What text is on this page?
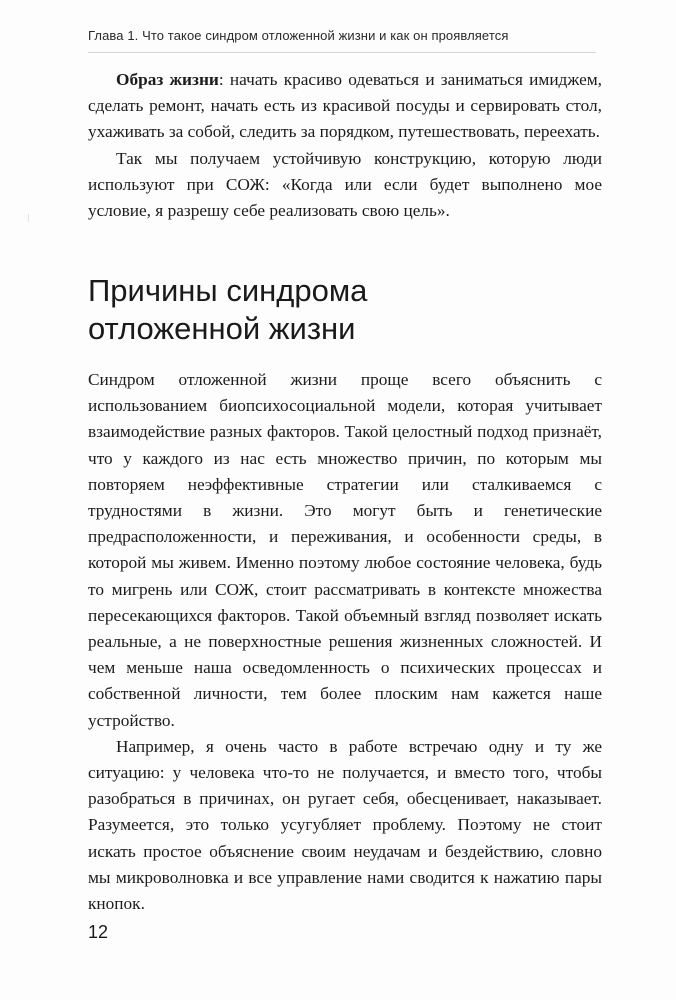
Глава 1. Что такое синдром отложенной жизни и как он проявляется

Образ жизни: начать красиво одеваться и заниматься имиджем, сделать ремонт, начать есть из красивой посуды и сервировать стол, ухаживать за собой, следить за порядком, путешествовать, переехать.

Так мы получаем устойчивую конструкцию, которую люди используют при СОЖ: «Когда или если будет выполнено мое условие, я разрешу себе реализовать свою цель».

Причины синдрома
отложенной жизни

Синдром отложенной жизни проще всего объяснить с использованием биопсихосоциальной модели, которая учитывает взаимодействие разных факторов. Такой целостный подход признаёт, что у каждого из нас есть множество причин, по которым мы повторяем неэффективные стратегии или сталкиваемся с трудностями в жизни. Это могут быть и генетические предрасположенности, и переживания, и особенности среды, в которой мы живем. Именно поэтому любое состояние человека, будь то мигрень или СОЖ, стоит рассматривать в контексте множества пересекающихся факторов. Такой объемный взгляд позволяет искать реальные, а не поверхностные решения жизненных сложностей. И чем меньше наша осведомленность о психических процессах и собственной личности, тем более плоским нам кажется наше устройство.

Например, я очень часто в работе встречаю одну и ту же ситуацию: у человека что-то не получается, и вместо того, чтобы разобраться в причинах, он ругает себя, обесценивает, наказывает. Разумеется, это только усугубляет проблему. Поэтому не стоит искать простое объяснение своим неудачам и бездействию, словно мы микроволновка и все управление нами сводится к нажатию пары кнопок.

12
